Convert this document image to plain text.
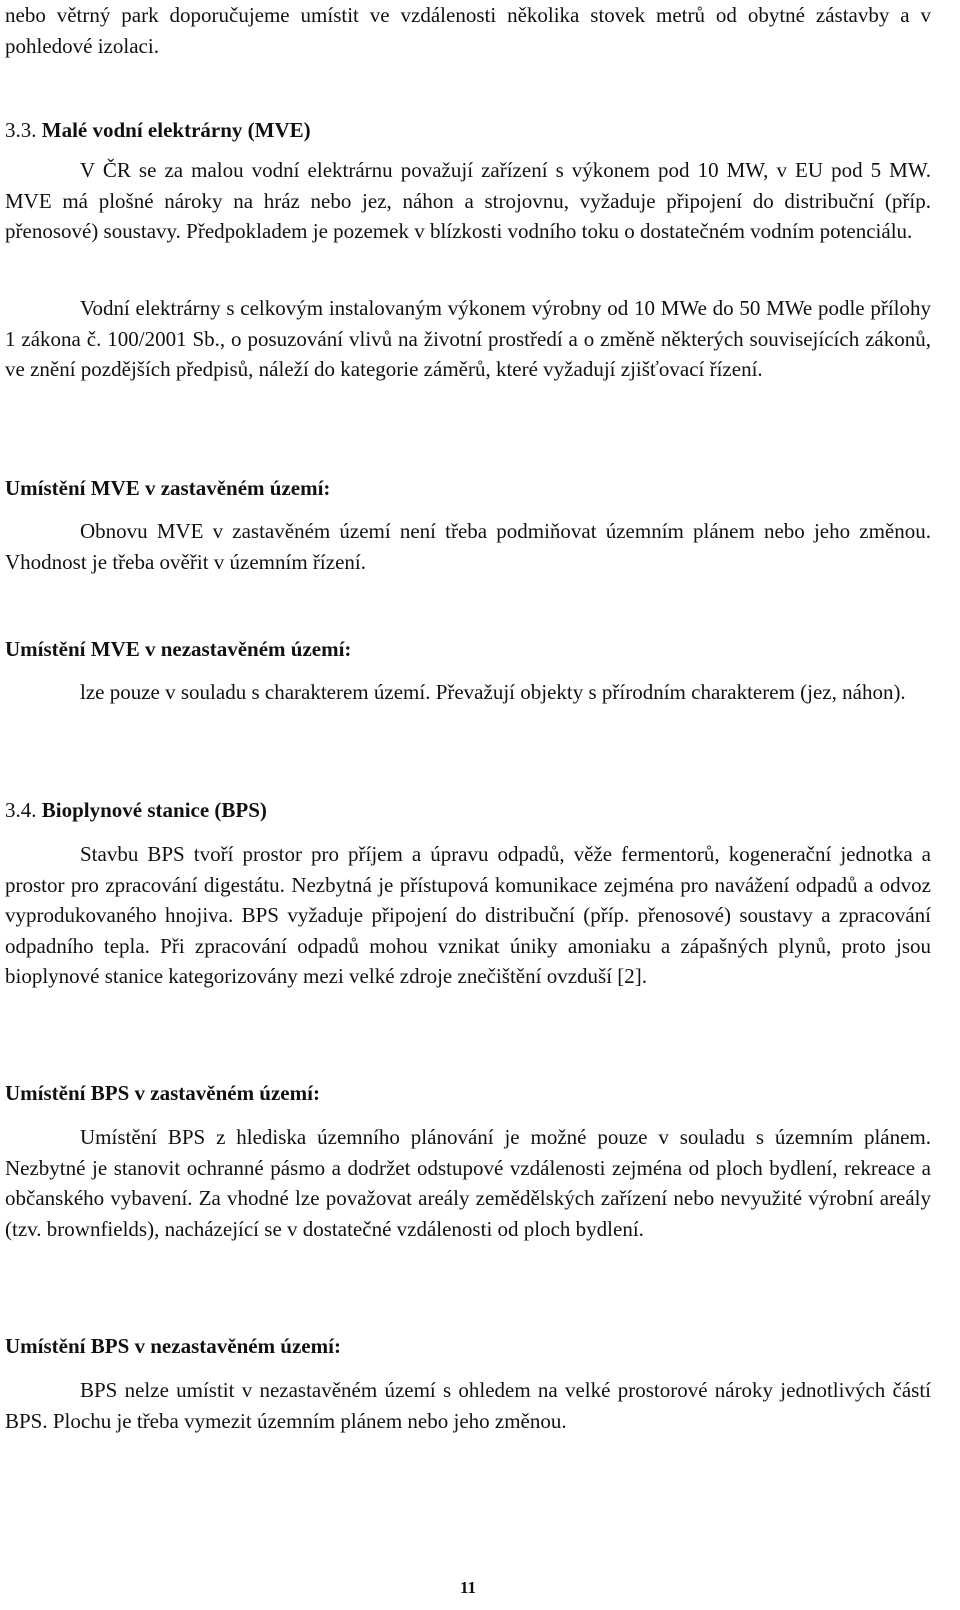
nebo větrný park doporučujeme umístit ve vzdálenosti několika stovek metrů od obytné zástavby a v pohledové izolaci.

3.3. Malé vodní elektrárny (MVE)

V ČR se za malou vodní elektrárnu považují zařízení s výkonem pod 10 MW, v EU pod 5 MW. MVE má plošné nároky na hráz nebo jez, náhon a strojovnu, vyžaduje připojení do distribuční (příp. přenosové) soustavy. Předpokladem je pozemek v blízkosti vodního toku o dostatečném vodním potenciálu.

Vodní elektrárny s celkovým instalovaným výkonem výrobny od 10 MWe do 50 MWe podle přílohy 1 zákona č. 100/2001 Sb., o posuzování vlivů na životní prostředí a o změně některých souvisejících zákonů, ve znění pozdějších předpisů, náleží do kategorie záměrů, které vyžadují zjišťovací řízení.

Umístění MVE v zastavěném území:

Obnovu MVE v zastavěném území není třeba podmiňovat územním plánem nebo jeho změnou. Vhodnost je třeba ověřit v územním řízení.

Umístění MVE v nezastavěném území:

lze pouze v souladu s charakterem území. Převažují objekty s přírodním charakterem (jez, náhon).

3.4. Bioplynové stanice (BPS)

Stavbu BPS tvoří prostor pro příjem a úpravu odpadů, věže fermentorů, kogenerační jednotka a prostor pro zpracování digestátu. Nezbytná je přístupová komunikace zejména pro navážení odpadů a odvoz vyprodukovaného hnojiva. BPS vyžaduje připojení do distribuční (příp. přenosové) soustavy a zpracování odpadního tepla. Při zpracování odpadů mohou vznikat úniky amoniaku a zápašných plynů, proto jsou bioplynové stanice kategorizovány mezi velké zdroje znečištění ovzduší [2].

Umístění BPS v zastavěném území:

Umístění BPS z hlediska územního plánování je možné pouze v souladu s územním plánem. Nezbytné je stanovit ochranné pásmo a dodržet odstupové vzdálenosti zejména od ploch bydlení, rekreace a občanského vybavení. Za vhodné lze považovat areály zemědělských zařízení nebo nevyužité výrobní areály (tzv. brownfields), nacházející se v dostatečné vzdálenosti od ploch bydlení.

Umístění BPS v nezastavěném území:

BPS nelze umístit v nezastavěném území s ohledem na velké prostorové nároky jednotlivých částí BPS. Plochu je třeba vymezit územním plánem nebo jeho změnou.

11
